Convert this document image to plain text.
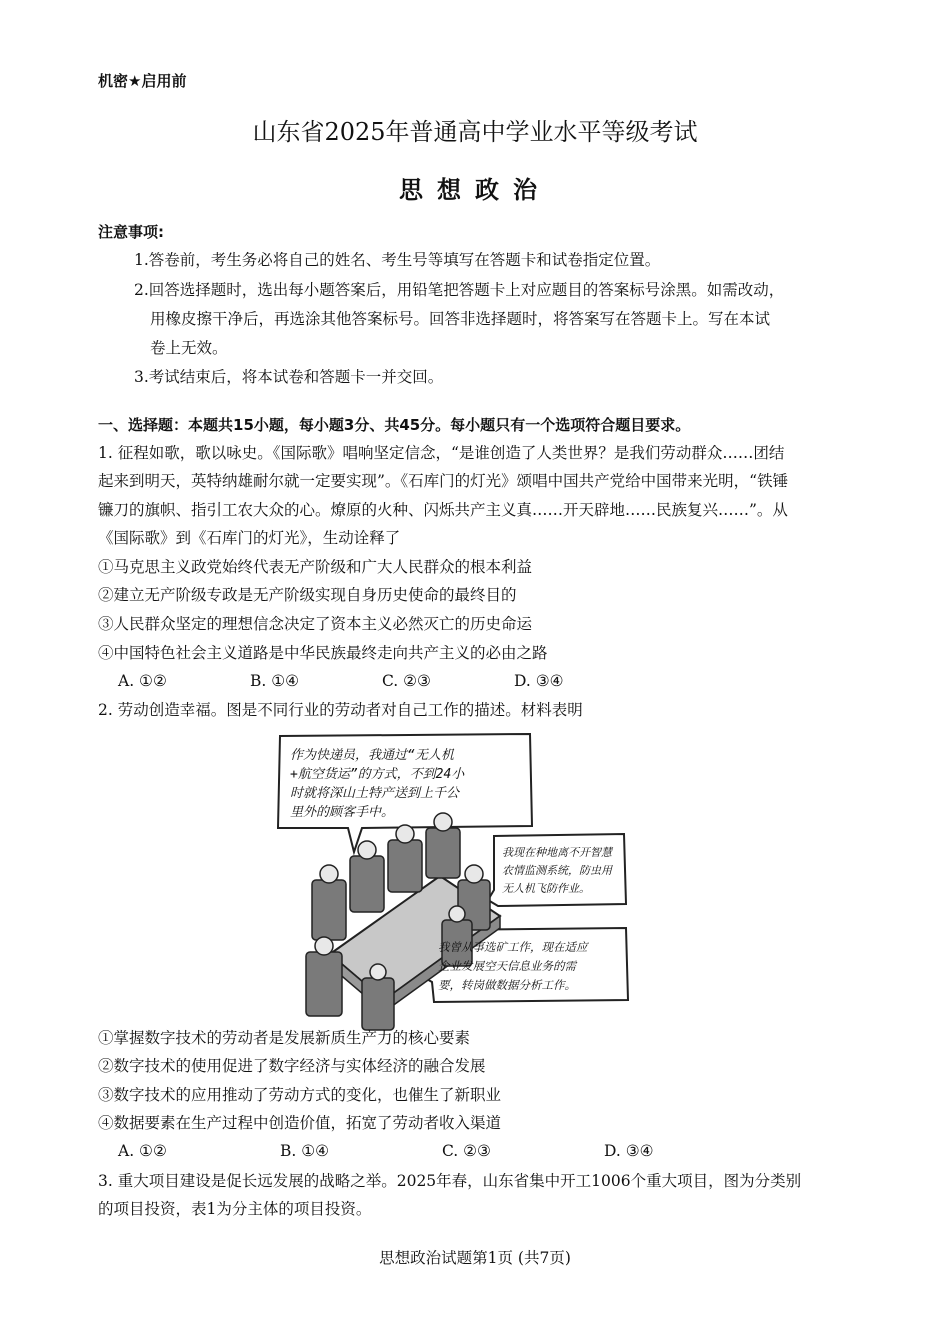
机密★启用前
山东省2025年普通高中学业水平等级考试
思想政治
注意事项:
1.答卷前，考生务必将自己的姓名、考生号等填写在答题卡和试卷指定位置。
2.回答选择题时，选出每小题答案后，用铅笔把答题卡上对应题目的答案标号涂黑。如需改动，
用橡皮擦干净后，再选涂其他答案标号。回答非选择题时，将答案写在答题卡上。写在本试
卷上无效。
3.考试结束后，将本试卷和答题卡一并交回。
一、选择题：本题共15小题，每小题3分、共45分。每小题只有一个选项符合题目要求。
1. 征程如歌，歌以咏史。《国际歌》唱响坚定信念，“是谁创造了人类世界？是我们劳动群众……团结
起来到明天，英特纳雄耐尔就一定要实现”。《石库门的灯光》颂唱中国共产党给中国带来光明，“铁锤
镰刀的旗帜、指引工农大众的心。燎原的火种、闪烁共产主义真……开天辟地……民族复兴……”。从
《国际歌》到《石库门的灯光》，生动诠释了
①马克思主义政党始终代表无产阶级和广大人民群众的根本利益
②建立无产阶级专政是无产阶级实现自身历史使命的最终目的
③人民群众坚定的理想信念决定了资本主义必然灭亡的历史命运
④中国特色社会主义道路是中华民族最终走向共产主义的必由之路
A. ①②	B. ①④	C. ②③	D. ③④
2. 劳动创造幸福。图是不同行业的劳动者对自己工作的描述。材料表明
作为快递员，我通过“无人机
+航空货运”的方式，不到24小
时就将深山土特产送到上千公
里外的顾客手中。
我现在种地离不开智慧
农情监测系统，防虫用
无人机飞防作业。
我曾从事选矿工作，现在适应
企业发展空天信息业务的需
要，转岗做数据分析工作。
①掌握数字技术的劳动者是发展新质生产力的核心要素
②数字技术的使用促进了数字经济与实体经济的融合发展
③数字技术的应用推动了劳动方式的变化，也催生了新职业
④数据要素在生产过程中创造价值，拓宽了劳动者收入渠道
A. ①②	B. ①④	C. ②③	D. ③④
3. 重大项目建设是促长远发展的战略之举。2025年春，山东省集中开工1006个重大项目，图为分类别
的项目投资，表1为分主体的项目投资。
思想政治试题第1页 (共7页)
